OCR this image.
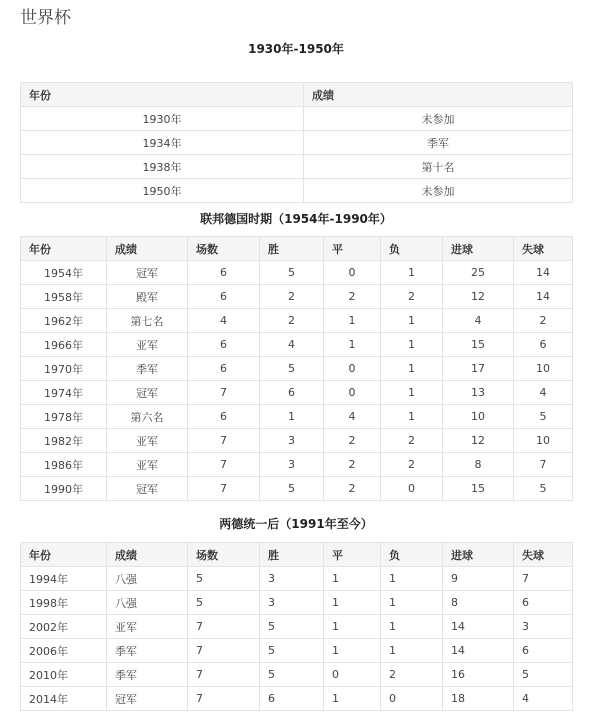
世界杯
1930年-1950年
年份	成绩
1930年	未参加
1934年	季军
1938年	第十名
1950年	未参加
联邦德国时期（1954年-1990年）
年份	成绩	场数	胜	平	负	进球	失球
1954年	冠军	6	5	0	1	25	14
1958年	殿军	6	2	2	2	12	14
1962年	第七名	4	2	1	1	4	2
1966年	亚军	6	4	1	1	15	6
1970年	季军	6	5	0	1	17	10
1974年	冠军	7	6	0	1	13	4
1978年	第六名	6	1	4	1	10	5
1982年	亚军	7	3	2	2	12	10
1986年	亚军	7	3	2	2	8	7
1990年	冠军	7	5	2	0	15	5
两德统一后（1991年至今）
年份	成绩	场数	胜	平	负	进球	失球
1994年	八强	5	3	1	1	9	7
1998年	八强	5	3	1	1	8	6
2002年	亚军	7	5	1	1	14	3
2006年	季军	7	5	1	1	14	6
2010年	季军	7	5	0	2	16	5
2014年	冠军	7	6	1	0	18	4
